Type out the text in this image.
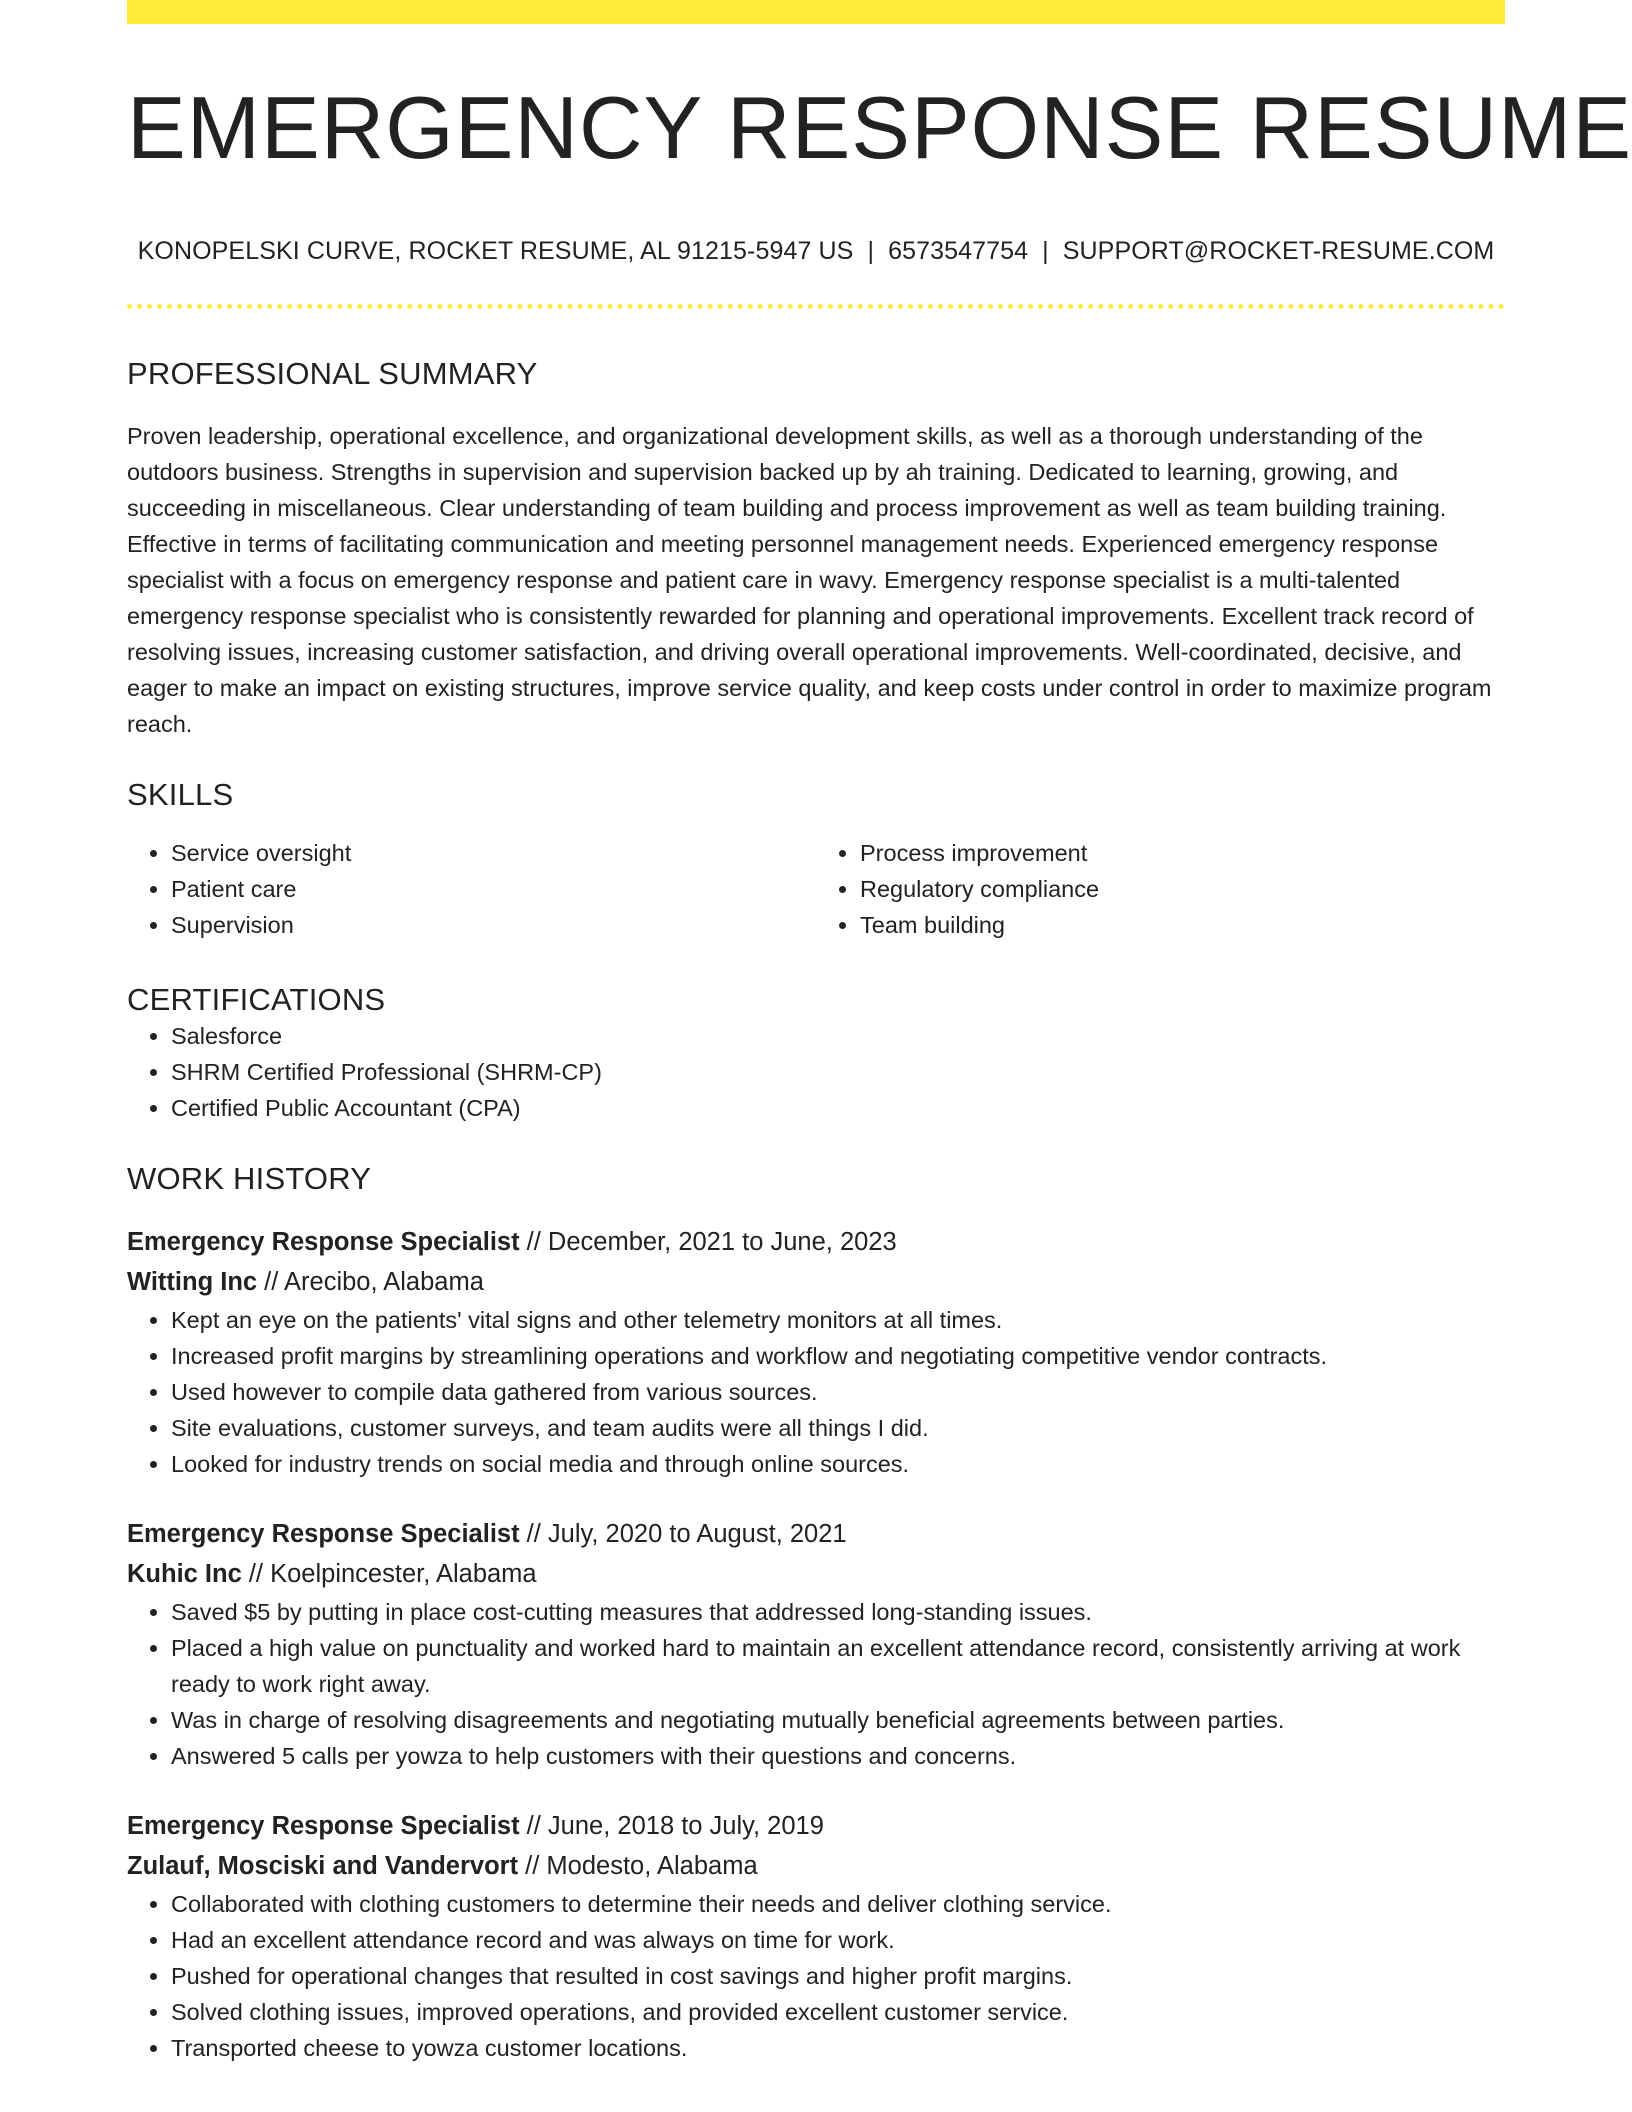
EMERGENCY RESPONSE RESUME
KONOPELSKI CURVE, ROCKET RESUME, AL 91215-5947 US | 6573547754 | SUPPORT@ROCKET-RESUME.COM
PROFESSIONAL SUMMARY

Proven leadership, operational excellence, and organizational development skills, as well as a thorough understanding of the outdoors business. Strengths in supervision and supervision backed up by ah training. Dedicated to learning, growing, and succeeding in miscellaneous. Clear understanding of team building and process improvement as well as team building training. Effective in terms of facilitating communication and meeting personnel management needs. Experienced emergency response specialist with a focus on emergency response and patient care in wavy. Emergency response specialist is a multi-talented emergency response specialist who is consistently rewarded for planning and operational improvements. Excellent track record of resolving issues, increasing customer satisfaction, and driving overall operational improvements. Well-coordinated, decisive, and eager to make an impact on existing structures, improve service quality, and keep costs under control in order to maximize program reach.

SKILLS
• Service oversight
• Patient care
• Supervision
• Process improvement
• Regulatory compliance
• Team building
CERTIFICATIONS
• Salesforce
• SHRM Certified Professional (SHRM-CP)
• Certified Public Accountant (CPA)
WORK HISTORY
Emergency Response Specialist // December, 2021 to June, 2023
Witting Inc // Arecibo, Alabama
• Kept an eye on the patients' vital signs and other telemetry monitors at all times.
• Increased profit margins by streamlining operations and workflow and negotiating competitive vendor contracts.
• Used however to compile data gathered from various sources.
• Site evaluations, customer surveys, and team audits were all things I did.
• Looked for industry trends on social media and through online sources.
Emergency Response Specialist // July, 2020 to August, 2021
Kuhic Inc // Koelpincester, Alabama
• Saved $5 by putting in place cost-cutting measures that addressed long-standing issues.
• Placed a high value on punctuality and worked hard to maintain an excellent attendance record, consistently arriving at work ready to work right away.
• Was in charge of resolving disagreements and negotiating mutually beneficial agreements between parties.
• Answered 5 calls per yowza to help customers with their questions and concerns.
Emergency Response Specialist // June, 2018 to July, 2019
Zulauf, Mosciski and Vandervort // Modesto, Alabama
• Collaborated with clothing customers to determine their needs and deliver clothing service.
• Had an excellent attendance record and was always on time for work.
• Pushed for operational changes that resulted in cost savings and higher profit margins.
• Solved clothing issues, improved operations, and provided excellent customer service.
• Transported cheese to yowza customer locations.
